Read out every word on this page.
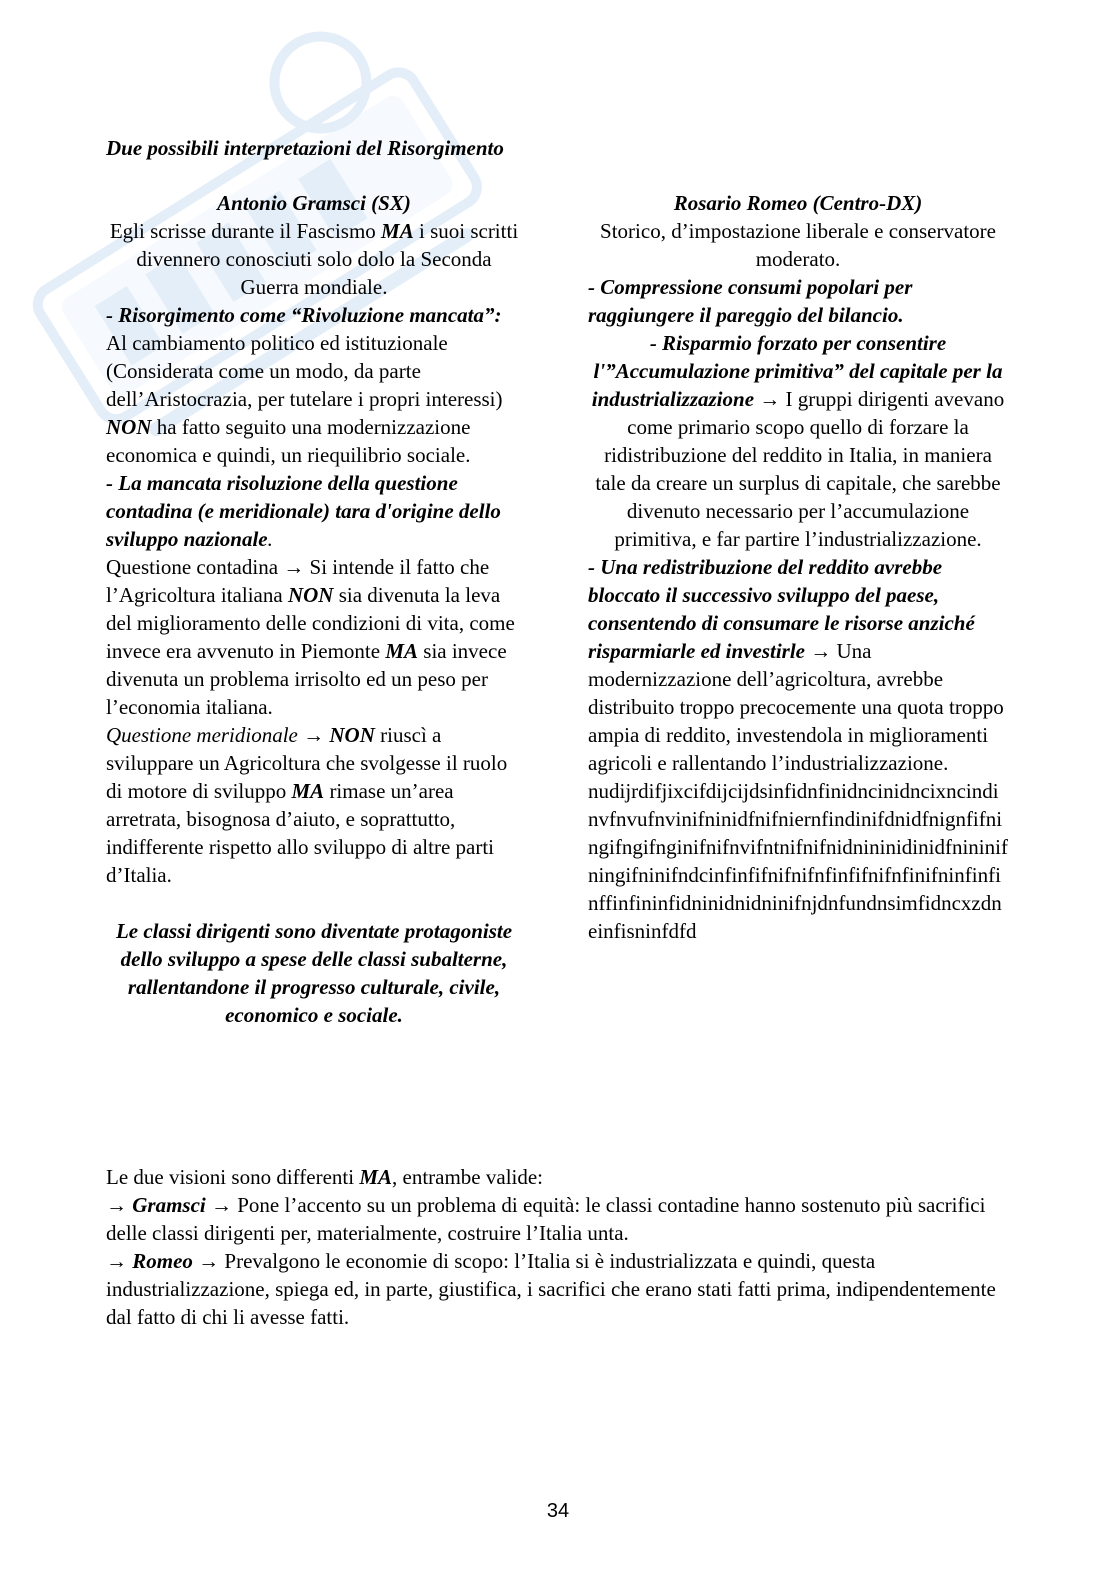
Due possibili interpretazioni del Risorgimento

Antonio Gramsci (SX)

Egli scrisse durante il Fascismo MA i suoi scritti divennero conosciuti solo dolo la Seconda Guerra mondiale.

- Risorgimento come “Rivoluzione mancata”: Al cambiamento politico ed istituzionale (Considerata come un modo, da parte dell’Aristocrazia, per tutelare i propri interessi) NON ha fatto seguito una modernizzazione economica e quindi, un riequilibrio sociale.

- La mancata risoluzione della questione contadina (e meridionale) tara d'origine dello sviluppo nazionale.

Questione contadina → Si intende il fatto che l’Agricoltura italiana NON sia divenuta la leva del miglioramento delle condizioni di vita, come invece era avvenuto in Piemonte MA sia invece divenuta un problema irrisolto ed un peso per l’economia italiana.

Questione meridionale → NON riuscì a sviluppare un Agricoltura che svolgesse il ruolo di motore di sviluppo MA rimase un’area arretrata, bisognosa d’aiuto, e soprattutto, indifferente rispetto allo sviluppo di altre parti d’Italia.

Le classi dirigenti sono diventate protagoniste dello sviluppo a spese delle classi subalterne, rallentandone il progresso culturale, civile, economico e sociale.

Rosario Romeo (Centro-DX)

Storico, d’impostazione liberale e conservatore moderato.

- Compressione consumi popolari per raggiungere il pareggio del bilancio.

- Risparmio forzato per consentire l'”Accumulazione primitiva” del capitale per la industrializzazione → I gruppi dirigenti avevano come primario scopo quello di forzare la ridistribuzione del reddito in Italia, in maniera tale da creare un surplus di capitale, che sarebbe divenuto necessario per l’accumulazione primitiva, e far partire l’industrializzazione.

- Una redistribuzione del reddito avrebbe bloccato il successivo sviluppo del paese, consentendo di consumare le risorse anziché risparmiarle ed investirle → Una modernizzazione dell’agricoltura, avrebbe distribuito troppo precocemente una quota troppo ampia di reddito, investendola in miglioramenti agricoli e rallentando l’industrializzazione.

nudijrdifjixcifdijcijdsinfidnfinidncinidncixncindinvfnvufnvinifninidfnifniernfindinifdnidfnignfifningifngifnginifnifnvifntnifnifnidnininidinidfnininifningifninifndcinfinfifnifnifnfinfifnifnfinifninfinfinffinfininfidninidnidninifnjdnfundnsimfidncxzdneinfisninfdfd

Le due visioni sono differenti MA, entrambe valide:

→ Gramsci → Pone l’accento su un problema di equità: le classi contadine hanno sostenuto più sacrifici delle classi dirigenti per, materialmente, costruire l’Italia unta.

→ Romeo → Prevalgono le economie di scopo: l’Italia si è industrializzata e quindi, questa industrializzazione, spiega ed, in parte, giustifica, i sacrifici che erano stati fatti prima, indipendentemente dal fatto di chi li avesse fatti.

34
